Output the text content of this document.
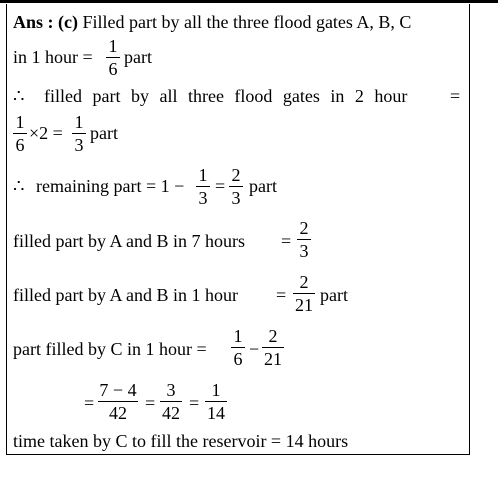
Ans : (c) Filled part by all the three flood gates A, B, C
in 1 hour =
1
6
part
∴ filled part by all three flood gates in 2 hour =
1
6
×2 =
1
3
part
∴ remaining part = 1 −
1
3
=
2
3
part
filled part by A and B in 7 hours =
2
3
filled part by A and B in 1 hour =
2
21 part
part filled by C in 1 hour =
1
6 −
2
21
=
7 − 4
42	=
3
42 =
1
14
time taken by C to fill the reservoir = 14 hours
